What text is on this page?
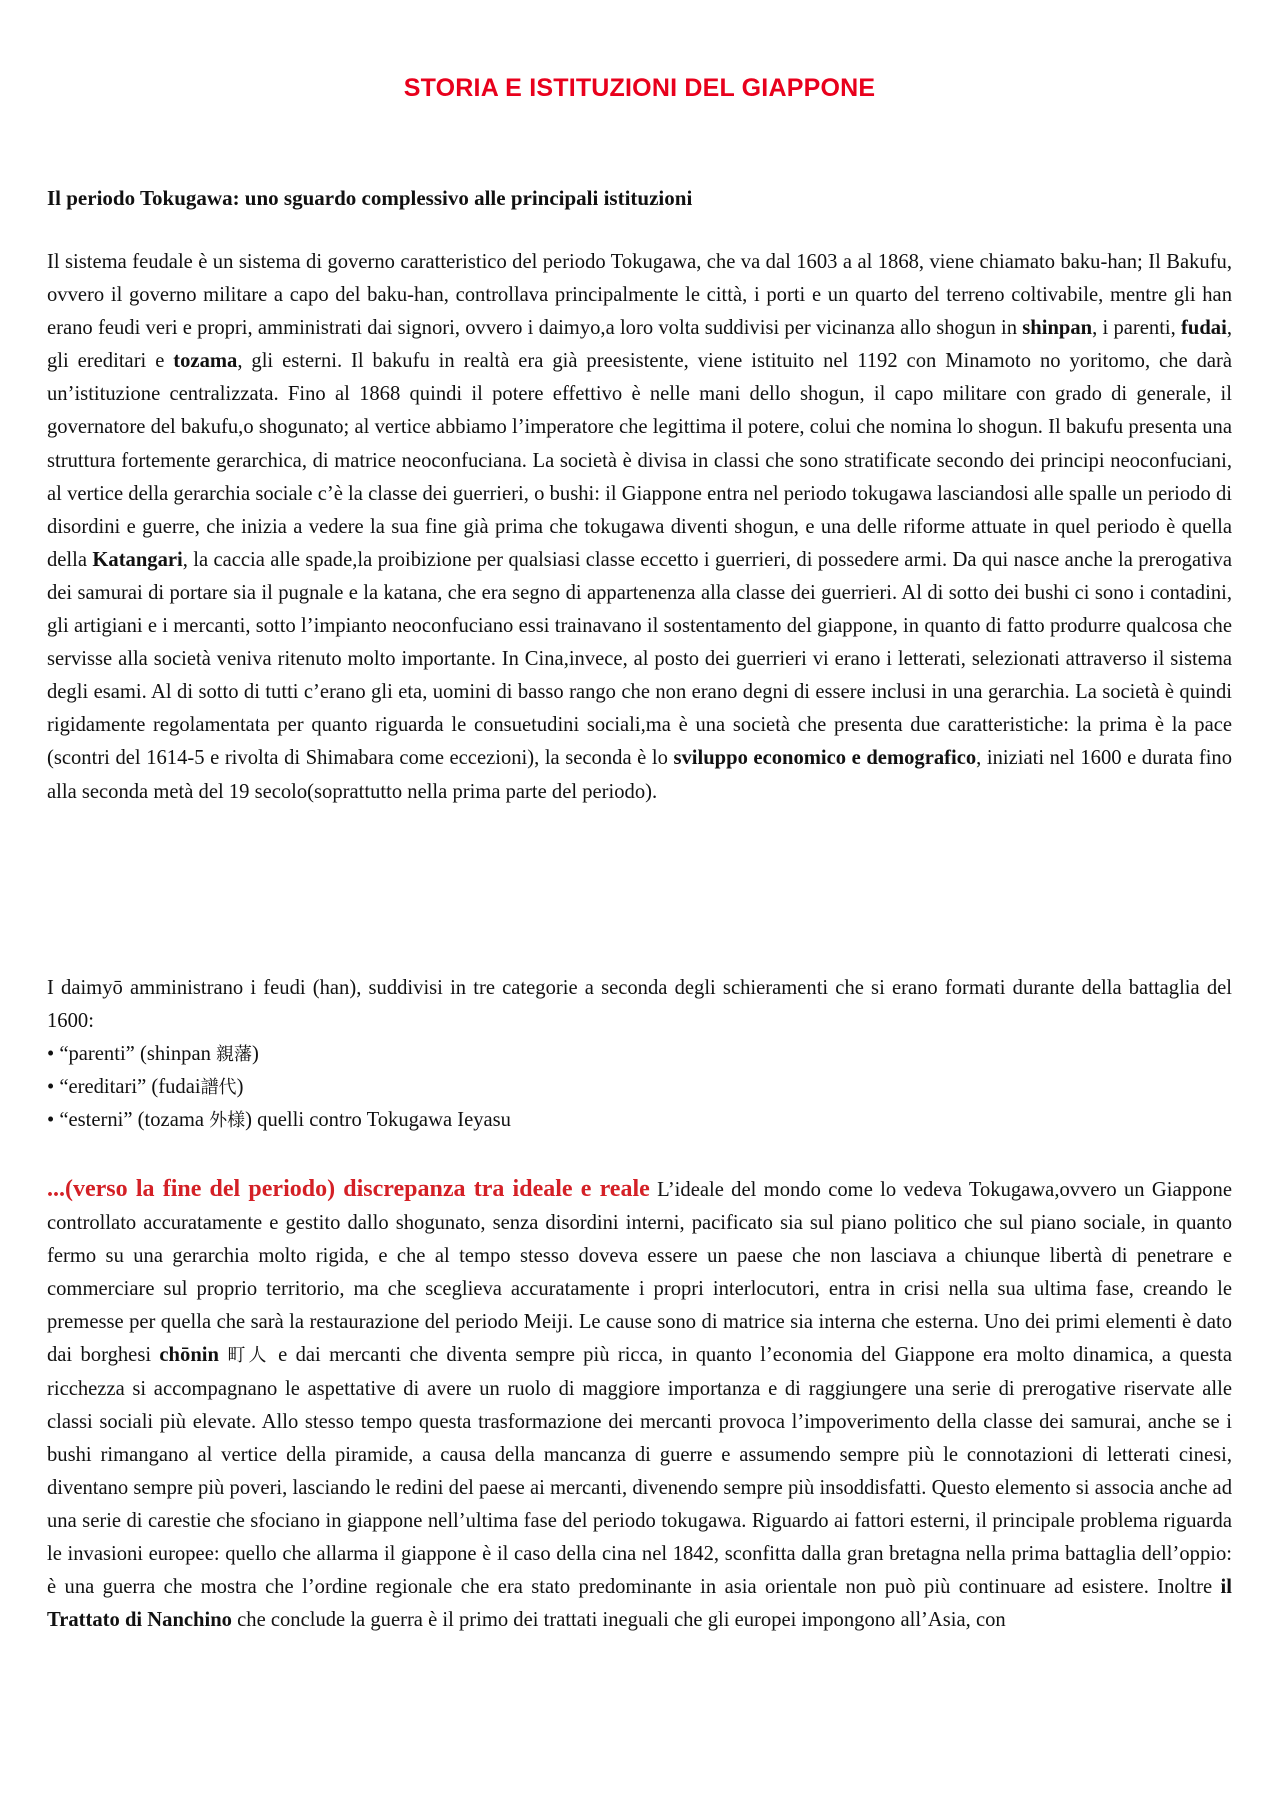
STORIA E ISTITUZIONI DEL GIAPPONE
Il periodo Tokugawa: uno sguardo complessivo alle principali istituzioni

Il sistema feudale è un sistema di governo caratteristico del periodo Tokugawa, che va dal 1603 a al 1868, viene chiamato baku-han; Il Bakufu, ovvero il governo militare a capo del baku-han, controllava principalmente le città, i porti e un quarto del terreno coltivabile, mentre gli han erano feudi veri e propri, amministrati dai signori, ovvero i daimyo,a loro volta suddivisi per vicinanza allo shogun in shinpan, i parenti, fudai, gli ereditari e tozama, gli esterni. Il bakufu in realtà era già preesistente, viene istituito nel 1192 con Minamoto no yoritomo, che darà un’istituzione centralizzata. Fino al 1868 quindi il potere effettivo è nelle mani dello shogun, il capo militare con grado di generale, il governatore del bakufu,o shogunato; al vertice abbiamo l’imperatore che legittima il potere, colui che nomina lo shogun. Il bakufu presenta una struttura fortemente gerarchica, di matrice neoconfuciana. La società è divisa in classi che sono stratificate secondo dei principi neoconfuciani, al vertice della gerarchia sociale c’è la classe dei guerrieri, o bushi: il Giappone entra nel periodo tokugawa lasciandosi alle spalle un periodo di disordini e guerre, che inizia a vedere la sua fine già prima che tokugawa diventi shogun, e una delle riforme attuate in quel periodo è quella della Katangari, la caccia alle spade,la proibizione per qualsiasi classe eccetto i guerrieri, di possedere armi. Da qui nasce anche la prerogativa dei samurai di portare sia il pugnale e la katana, che era segno di appartenenza alla classe dei guerrieri. Al di sotto dei bushi ci sono i contadini, gli artigiani e i mercanti, sotto l’impianto neoconfuciano essi trainavano il sostentamento del giappone, in quanto di fatto produrre qualcosa che servisse alla società veniva ritenuto molto importante. In Cina,invece, al posto dei guerrieri vi erano i letterati, selezionati attraverso il sistema degli esami. Al di sotto di tutti c’erano gli eta, uomini di basso rango che non erano degni di essere inclusi in una gerarchia. La società è quindi rigidamente regolamentata per quanto riguarda le consuetudini sociali,ma è una società che presenta due caratteristiche: la prima è la pace (scontri del 1614-5 e rivolta di Shimabara come eccezioni), la seconda è lo sviluppo economico e demografico, iniziati nel 1600 e durata fino alla seconda metà del 19 secolo(soprattutto nella prima parte del periodo).

I daimyō amministrano i feudi (han), suddivisi in tre categorie a seconda degli schieramenti che si erano formati durante della battaglia del 1600:

• “parenti” (shinpan 親藩)
• “ereditari” (fudai譜代)
• “esterni” (tozama 外様) quelli contro Tokugawa Ieyasu

...(verso la fine del periodo) discrepanza tra ideale e reale L’ideale del mondo come lo vedeva Tokugawa,ovvero un Giappone controllato accuratamente e gestito dallo shogunato, senza disordini interni, pacificato sia sul piano politico che sul piano sociale, in quanto fermo su una gerarchia molto rigida, e che al tempo stesso doveva essere un paese che non lasciava a chiunque libertà di penetrare e commerciare sul proprio territorio, ma che sceglieva accuratamente i propri interlocutori, entra in crisi nella sua ultima fase, creando le premesse per quella che sarà la restaurazione del periodo Meiji. Le cause sono di matrice sia interna che esterna. Uno dei primi elementi è dato dai borghesi chōnin 町人 e dai mercanti che diventa sempre più ricca, in quanto l’economia del Giappone era molto dinamica, a questa ricchezza si accompagnano le aspettative di avere un ruolo di maggiore importanza e di raggiungere una serie di prerogative riservate alle classi sociali più elevate. Allo stesso tempo questa trasformazione dei mercanti provoca l’impoverimento della classe dei samurai, anche se i bushi rimangano al vertice della piramide, a causa della mancanza di guerre e assumendo sempre più le connotazioni di letterati cinesi, diventano sempre più poveri, lasciando le redini del paese ai mercanti, divenendo sempre più insoddisfatti. Questo elemento si associa anche ad una serie di carestie che sfociano in giappone nell’ultima fase del periodo tokugawa. Riguardo ai fattori esterni, il principale problema riguarda le invasioni europee: quello che allarma il giappone è il caso della cina nel 1842, sconfitta dalla gran bretagna nella prima battaglia dell’oppio: è una guerra che mostra che l’ordine regionale che era stato predominante in asia orientale non può più continuare ad esistere. Inoltre il Trattato di Nanchino che conclude la guerra è il primo dei trattati ineguali che gli europei impongono all’Asia, con
